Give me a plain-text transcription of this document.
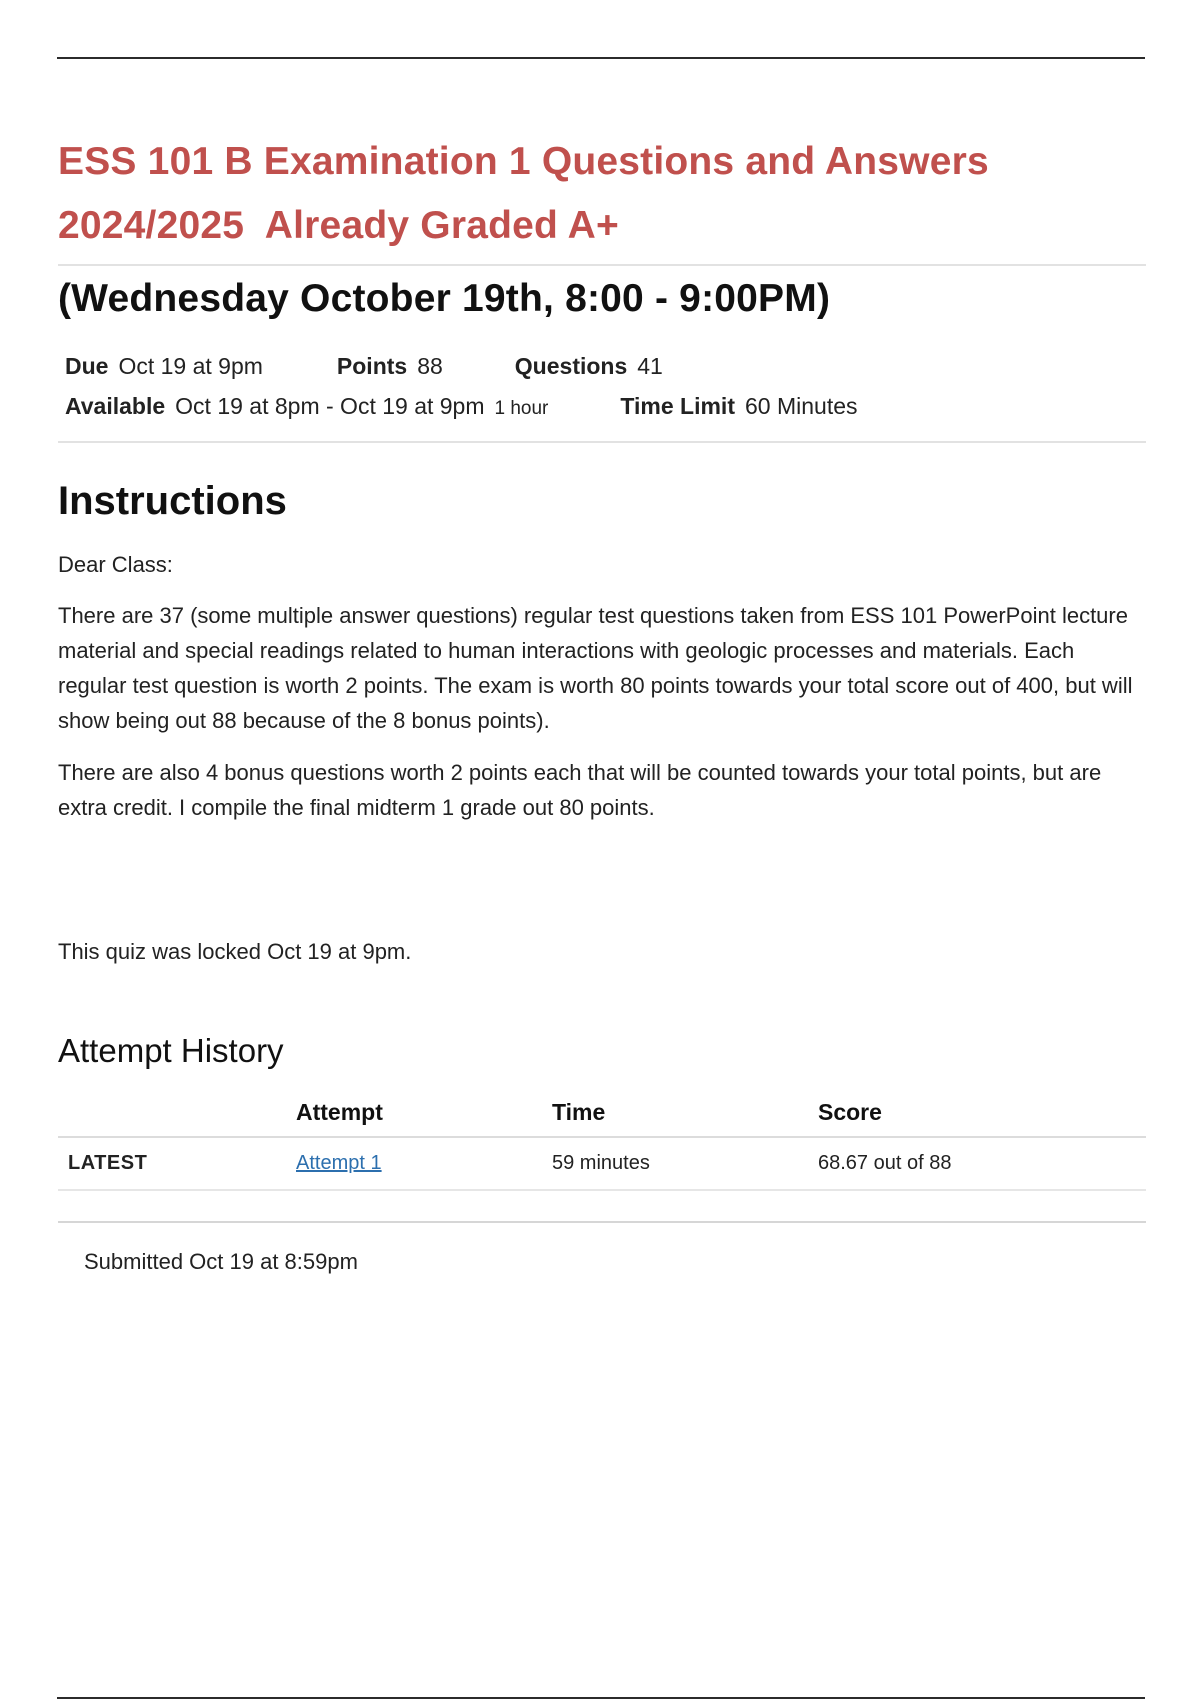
ESS 101 B Examination 1 Questions and Answers 2024/2025  Already Graded A+
(Wednesday October 19th, 8:00 - 9:00PM)
Due Oct 19 at 9pm	Points 88	Questions 41
Available Oct 19 at 8pm - Oct 19 at 9pm 1 hour	Time Limit 60 Minutes
Instructions

Dear Class:

There are 37 (some multiple answer questions) regular test questions taken from ESS 101 PowerPoint lecture material and special readings related to human interactions with geologic processes and materials. Each regular test question is worth 2 points. The exam is worth 80 points towards your total score out of 400, but will show being out 88 because of the 8 bonus points).

There are also 4 bonus questions worth 2 points each that will be counted towards your total points, but are extra credit. I compile the final midterm 1 grade out 80 points.

This quiz was locked Oct 19 at 9pm.

Attempt History
	Attempt	Time	Score
LATEST	Attempt 1	59 minutes	68.67 out of 88

Submitted Oct 19 at 8:59pm
